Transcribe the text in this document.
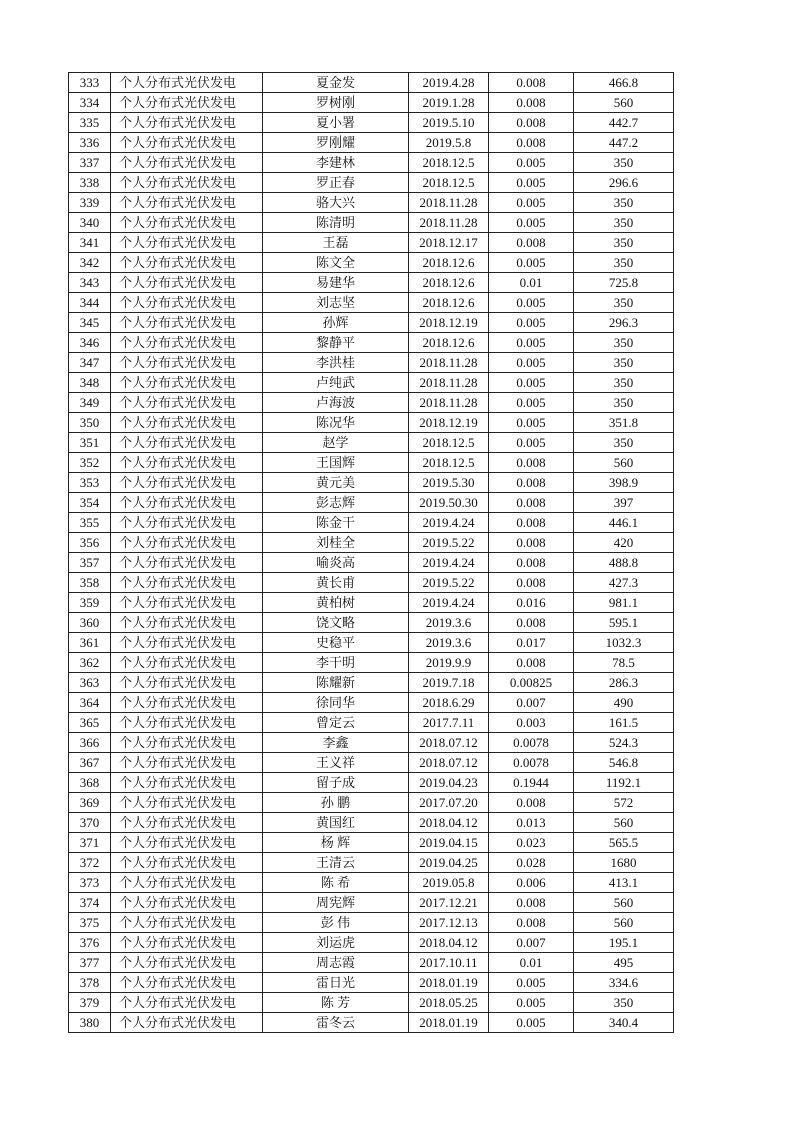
333	个人分布式光伏发电	夏金发	2019.4.28	0.008	466.8
334	个人分布式光伏发电	罗树刚	2019.1.28	0.008	560
335	个人分布式光伏发电	夏小署	2019.5.10	0.008	442.7
336	个人分布式光伏发电	罗刚耀	2019.5.8	0.008	447.2
337	个人分布式光伏发电	李建林	2018.12.5	0.005	350
338	个人分布式光伏发电	罗正春	2018.12.5	0.005	296.6
339	个人分布式光伏发电	骆大兴	2018.11.28	0.005	350
340	个人分布式光伏发电	陈清明	2018.11.28	0.005	350
341	个人分布式光伏发电	王磊	2018.12.17	0.008	350
342	个人分布式光伏发电	陈文全	2018.12.6	0.005	350
343	个人分布式光伏发电	易建华	2018.12.6	0.01	725.8
344	个人分布式光伏发电	刘志坚	2018.12.6	0.005	350
345	个人分布式光伏发电	孙辉	2018.12.19	0.005	296.3
346	个人分布式光伏发电	黎静平	2018.12.6	0.005	350
347	个人分布式光伏发电	李洪桂	2018.11.28	0.005	350
348	个人分布式光伏发电	卢纯武	2018.11.28	0.005	350
349	个人分布式光伏发电	卢海波	2018.11.28	0.005	350
350	个人分布式光伏发电	陈况华	2018.12.19	0.005	351.8
351	个人分布式光伏发电	赵学	2018.12.5	0.005	350
352	个人分布式光伏发电	王国辉	2018.12.5	0.008	560
353	个人分布式光伏发电	黄元美	2019.5.30	0.008	398.9
354	个人分布式光伏发电	彭志辉	2019.50.30	0.008	397
355	个人分布式光伏发电	陈金干	2019.4.24	0.008	446.1
356	个人分布式光伏发电	刘桂全	2019.5.22	0.008	420
357	个人分布式光伏发电	喻炎高	2019.4.24	0.008	488.8
358	个人分布式光伏发电	黄长甫	2019.5.22	0.008	427.3
359	个人分布式光伏发电	黄柏树	2019.4.24	0.016	981.1
360	个人分布式光伏发电	饶文略	2019.3.6	0.008	595.1
361	个人分布式光伏发电	史稳平	2019.3.6	0.017	1032.3
362	个人分布式光伏发电	李干明	2019.9.9	0.008	78.5
363	个人分布式光伏发电	陈耀新	2019.7.18	0.00825	286.3
364	个人分布式光伏发电	徐同华	2018.6.29	0.007	490
365	个人分布式光伏发电	曾定云	2017.7.11	0.003	161.5
366	个人分布式光伏发电	李鑫	2018.07.12	0.0078	524.3
367	个人分布式光伏发电	王义祥	2018.07.12	0.0078	546.8
368	个人分布式光伏发电	留子成	2019.04.23	0.1944	1192.1
369	个人分布式光伏发电	孙 鹏	2017.07.20	0.008	572
370	个人分布式光伏发电	黄国红	2018.04.12	0.013	560
371	个人分布式光伏发电	杨 辉	2019.04.15	0.023	565.5
372	个人分布式光伏发电	王清云	2019.04.25	0.028	1680
373	个人分布式光伏发电	陈 希	2019.05.8	0.006	413.1
374	个人分布式光伏发电	周宪辉	2017.12.21	0.008	560
375	个人分布式光伏发电	彭 伟	2017.12.13	0.008	560
376	个人分布式光伏发电	刘运虎	2018.04.12	0.007	195.1
377	个人分布式光伏发电	周志霞	2017.10.11	0.01	495
378	个人分布式光伏发电	雷日光	2018.01.19	0.005	334.6
379	个人分布式光伏发电	陈 芳	2018.05.25	0.005	350
380	个人分布式光伏发电	雷冬云	2018.01.19	0.005	340.4
